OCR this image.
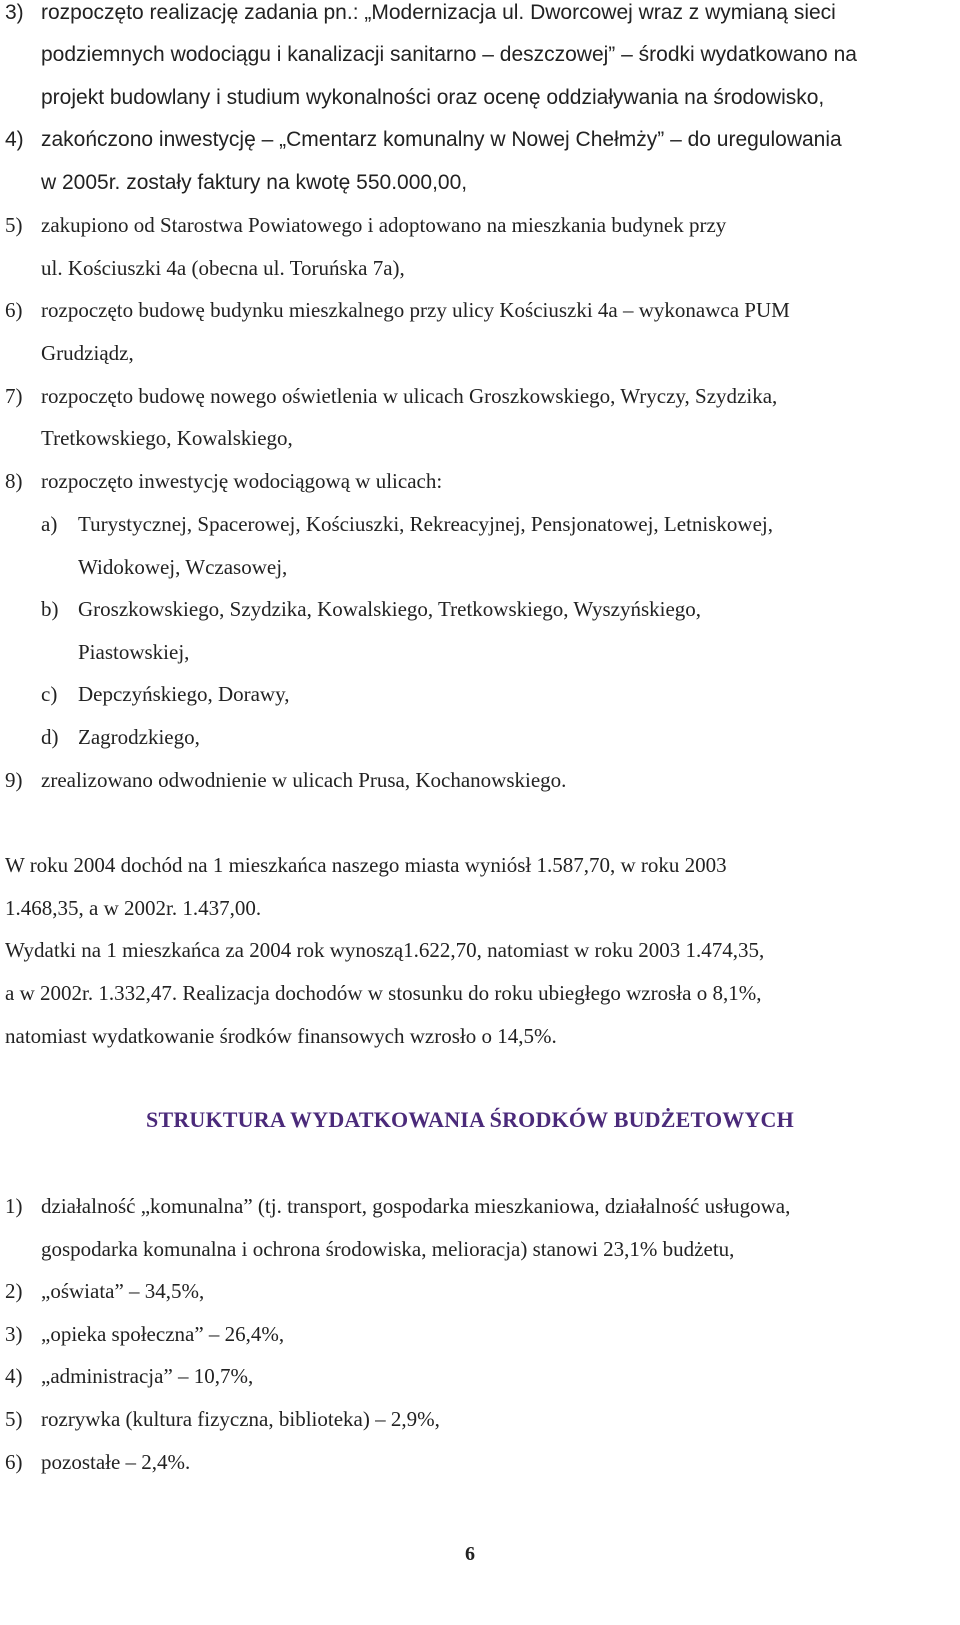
3) rozpoczęto realizację zadania pn.: „Modernizacja ul. Dworcowej wraz z wymianą sieci
podziemnych wodociągu i kanalizacji sanitarno – deszczowej” – środki wydatkowano na
projekt budowlany i studium wykonalności oraz ocenę oddziaływania na środowisko,
4) zakończono inwestycję – „Cmentarz komunalny w Nowej Chełmży” – do uregulowania
w 2005r. zostały faktury na kwotę 550.000,00,
5) zakupiono od Starostwa Powiatowego i adoptowano na mieszkania budynek przy
ul. Kościuszki 4a (obecna ul. Toruńska 7a),
6) rozpoczęto budowę budynku mieszkalnego przy ulicy Kościuszki 4a – wykonawca PUM
Grudziądz,
7) rozpoczęto budowę nowego oświetlenia w ulicach Groszkowskiego, Wryczy, Szydzika,
Tretkowskiego, Kowalskiego,
8) rozpoczęto inwestycję wodociągową w ulicach:
a) Turystycznej, Spacerowej, Kościuszki, Rekreacyjnej, Pensjonatowej, Letniskowej,
Widokowej, Wczasowej,
b) Groszkowskiego, Szydzika, Kowalskiego, Tretkowskiego, Wyszyńskiego,
Piastowskiej,
c) Depczyńskiego, Dorawy,
d) Zagrodzkiego,
9) zrealizowano odwodnienie w ulicach Prusa, Kochanowskiego.
W roku 2004 dochód na 1 mieszkańca naszego miasta wyniósł 1.587,70, w roku 2003
1.468,35, a w 2002r. 1.437,00.
Wydatki na 1 mieszkańca za 2004 rok wynoszą1.622,70, natomiast w roku 2003 1.474,35,
a w 2002r. 1.332,47. Realizacja dochodów w stosunku do roku ubiegłego wzrosła o 8,1%,
natomiast wydatkowanie środków finansowych wzrosło o 14,5%.
STRUKTURA WYDATKOWANIA ŚRODKÓW BUDŻETOWYCH
1) działalność „komunalna” (tj. transport, gospodarka mieszkaniowa, działalność usługowa,
gospodarka komunalna i ochrona środowiska, melioracja) stanowi 23,1% budżetu,
2) „oświata” – 34,5%,
3) „opieka społeczna” – 26,4%,
4) „administracja” – 10,7%,
5) rozrywka (kultura fizyczna, biblioteka) – 2,9%,
6) pozostałe – 2,4%.
6
